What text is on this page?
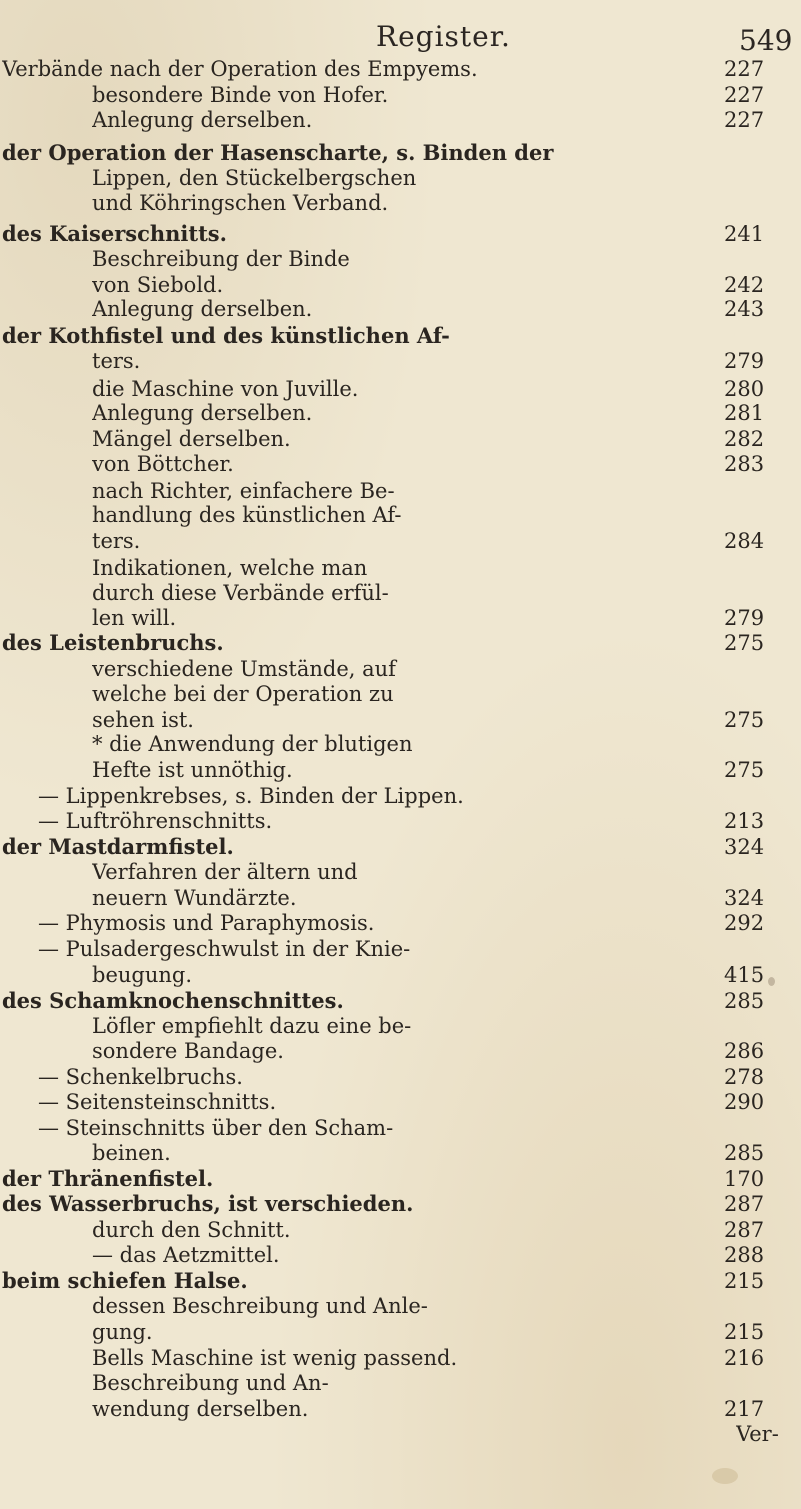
Register.	549
Verbände nach der Operation des Empyems.	227
besondere Binde von Hofer.	227
Anlegung derselben.	227
der Operation der Hasenscharte, s. Binden der
Lippen, den Stückelbergschen
und Köhringschen Verband.
des Kaiserschnitts.	241
Beschreibung der Binde
von Siebold.	242
Anlegung derselben.	243
der Kothfistel und des künstlichen Af-
ters.	279
die Maschine von Juville.	280
Anlegung derselben.	281
Mängel derselben.	282
von Böttcher.	283
nach Richter, einfachere Be-
handlung des künstlichen Af-
ters.	284
Indikationen, welche man
durch diese Verbände erfül-
len will.	279
des Leistenbruchs.	275
verschiedene Umstände, auf
welche bei der Operation zu
sehen ist.	275
* die Anwendung der blutigen
Hefte ist unnöthig.	275
— Lippenkrebses, s. Binden der Lippen.
— Luftröhrenschnitts.	213
der Mastdarmfistel.	324
Verfahren der ältern und
neuern Wundärzte.	324
— Phymosis und Paraphymosis.	292
— Pulsadergeschwulst in der Knie-
beugung.	415
des Schamknochenschnittes.	285
Löfler empfiehlt dazu eine be-
sondere Bandage.	286
— Schenkelbruchs.	278
— Seitensteinschnitts.	290
— Steinschnitts über den Scham-
beinen.	285
der Thränenfistel.	170
des Wasserbruchs, ist verschieden.	287
durch den Schnitt.	287
— das Aetzmittel.	288
beim schiefen Halse.	215
dessen Beschreibung und Anle-
gung.	215
Bells Maschine ist wenig passend.	216
Beschreibung und An-
wendung derselben.	217
Ver-
